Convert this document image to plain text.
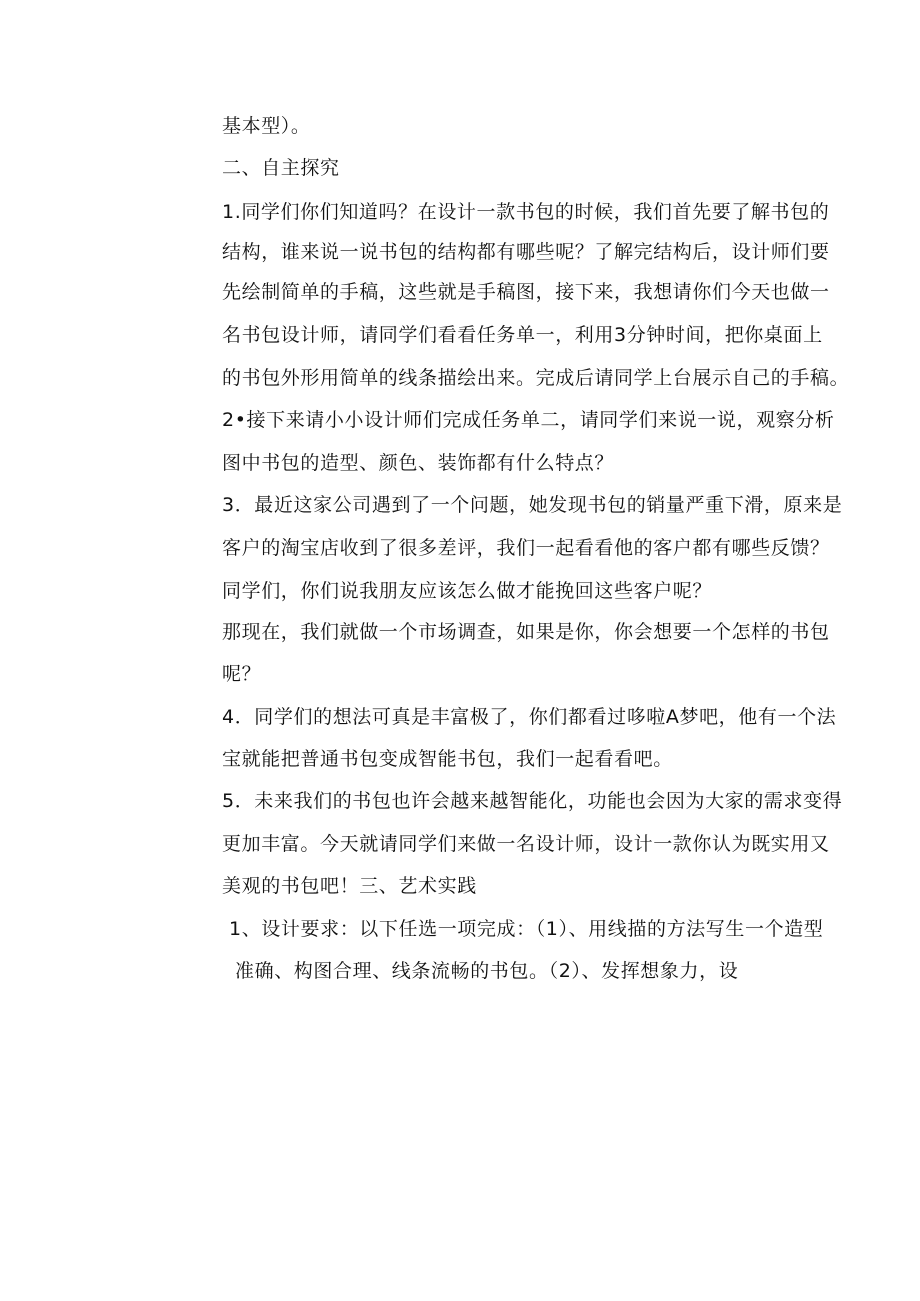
基本型）。
二、自主探究
1.同学们你们知道吗？在设计一款书包的时候，我们首先要了解书包的
结构，谁来说一说书包的结构都有哪些呢？了解完结构后，设计师们要
先绘制简单的手稿，这些就是手稿图，接下来，我想请你们今天也做一
名书包设计师，请同学们看看任务单一，利用3分钟时间，把你桌面上
的书包外形用简单的线条描绘出来。完成后请同学上台展示自己的手稿。
2•接下来请小小设计师们完成任务单二，请同学们来说一说，观察分析
图中书包的造型、颜色、装饰都有什么特点？
3．最近这家公司遇到了一个问题，她发现书包的销量严重下滑，原来是
客户的淘宝店收到了很多差评，我们一起看看他的客户都有哪些反馈？
同学们，你们说我朋友应该怎么做才能挽回这些客户呢？
那现在，我们就做一个市场调查，如果是你，你会想要一个怎样的书包
呢？
4．同学们的想法可真是丰富极了，你们都看过哆啦A梦吧，他有一个法
宝就能把普通书包变成智能书包，我们一起看看吧。
5．未来我们的书包也许会越来越智能化，功能也会因为大家的需求变得
更加丰富。今天就请同学们来做一名设计师，设计一款你认为既实用又
美观的书包吧！三、艺术实践
1、设计要求：以下任选一项完成：（1）、用线描的方法写生一个造型
准确、构图合理、线条流畅的书包。（2）、发挥想象力，设
